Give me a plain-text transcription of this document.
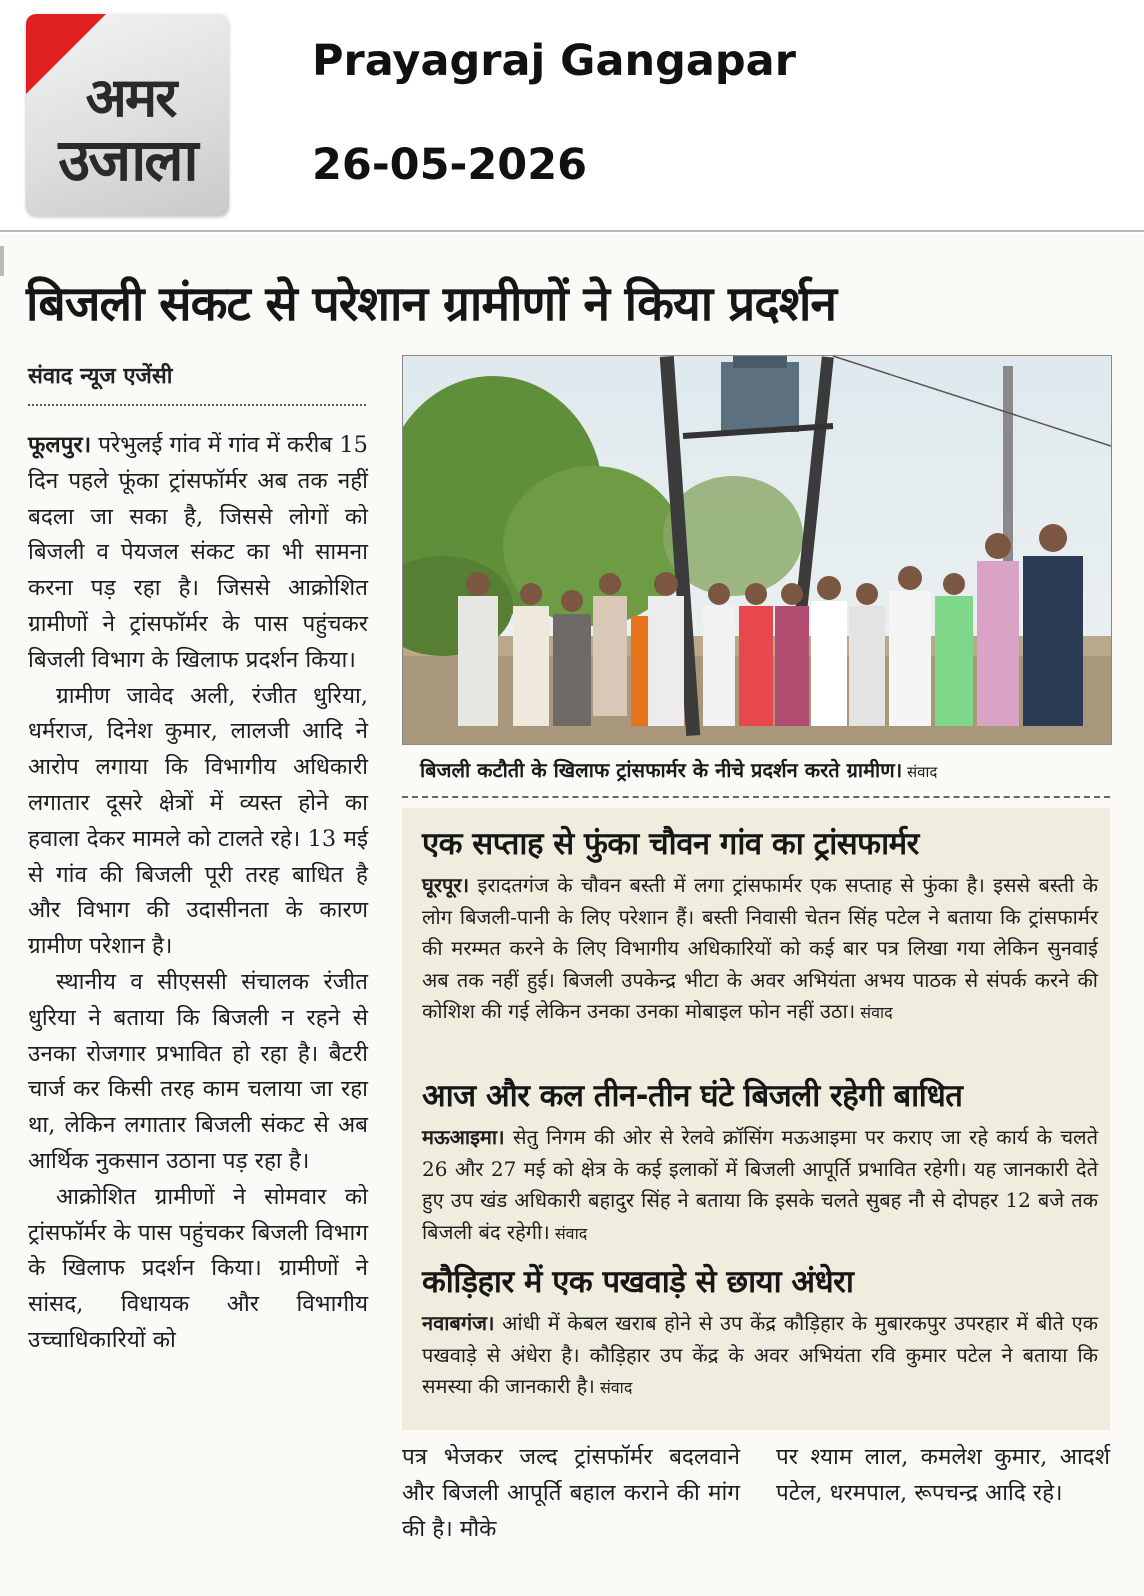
अमर
उजाला
Prayagraj Gangapar
26-05-2026
बिजली संकट से परेशान ग्रामीणों ने किया प्रदर्शन
संवाद न्यूज एजेंसी

फूलपुर। परेभुलई गांव में गांव में करीब 15 दिन पहले फूंका ट्रांसफॉर्मर अब तक नहीं बदला जा सका है, जिससे लोगों को बिजली व पेयजल संकट का भी सामना करना पड़ रहा है। जिससे आक्रोशित ग्रामीणों ने ट्रांसफॉर्मर के पास पहुंचकर बिजली विभाग के खिलाफ प्रदर्शन किया।

ग्रामीण जावेद अली, रंजीत धुरिया, धर्मराज, दिनेश कुमार, लालजी आदि ने आरोप लगाया कि विभागीय अधिकारी लगातार दूसरे क्षेत्रों में व्यस्त होने का हवाला देकर मामले को टालते रहे। 13 मई से गांव की बिजली पूरी तरह बाधित है और विभाग की उदासीनता के कारण ग्रामीण परेशान है।

स्थानीय व सीएससी संचालक रंजीत धुरिया ने बताया कि बिजली न रहने से उनका रोजगार प्रभावित हो रहा है। बैटरी चार्ज कर किसी तरह काम चलाया जा रहा था, लेकिन लगातार बिजली संकट से अब आर्थिक नुकसान उठाना पड़ रहा है।

आक्रोशित ग्रामीणों ने सोमवार को ट्रांसफॉर्मर के पास पहुंचकर बिजली विभाग के खिलाफ प्रदर्शन किया। ग्रामीणों ने सांसद, विधायक और विभागीय उच्चाधिकारियों को

बिजली कटौती के खिलाफ ट्रांसफार्मर के नीचे प्रदर्शन करते ग्रामीण। संवाद
एक सप्ताह से फुंका चौवन गांव का ट्रांसफार्मर
घूरपूर। इरादतगंज के चौवन बस्ती में लगा ट्रांसफार्मर एक सप्ताह से फुंका है। इससे बस्ती के लोग बिजली-पानी के लिए परेशान हैं। बस्ती निवासी चेतन सिंह पटेल ने बताया कि ट्रांसफार्मर की मरम्मत करने के लिए विभागीय अधिकारियों को कई बार पत्र लिखा गया लेकिन सुनवाई अब तक नहीं हुई। बिजली उपकेन्द्र भीटा के अवर अभियंता अभय पाठक से संपर्क करने की कोशिश की गई लेकिन उनका उनका मोबाइल फोन नहीं उठा। संवाद
आज और कल तीन-तीन घंटे बिजली रहेगी बाधित
मऊआइमा। सेतु निगम की ओर से रेलवे क्रॉसिंग मऊआइमा पर कराए जा रहे कार्य के चलते 26 और 27 मई को क्षेत्र के कई इलाकों में बिजली आपूर्ति प्रभावित रहेगी। यह जानकारी देते हुए उप खंड अधिकारी बहादुर सिंह ने बताया कि इसके चलते सुबह नौ से दोपहर 12 बजे तक बिजली बंद रहेगी। संवाद
कौड़िहार में एक पखवाड़े से छाया अंधेरा
नवाबगंज। आंधी में केबल खराब होने से उप केंद्र कौड़िहार के मुबारकपुर उपरहार में बीते एक पखवाड़े से अंधेरा है। कौड़िहार उप केंद्र के अवर अभियंता रवि कुमार पटेल ने बताया कि समस्या की जानकारी है। संवाद
पत्र भेजकर जल्द ट्रांसफॉर्मर बदलवाने और बिजली आपूर्ति बहाल कराने की मांग की है। मौके
पर श्याम लाल, कमलेश कुमार, आदर्श पटेल, धरमपाल, रूपचन्द्र आदि रहे।
